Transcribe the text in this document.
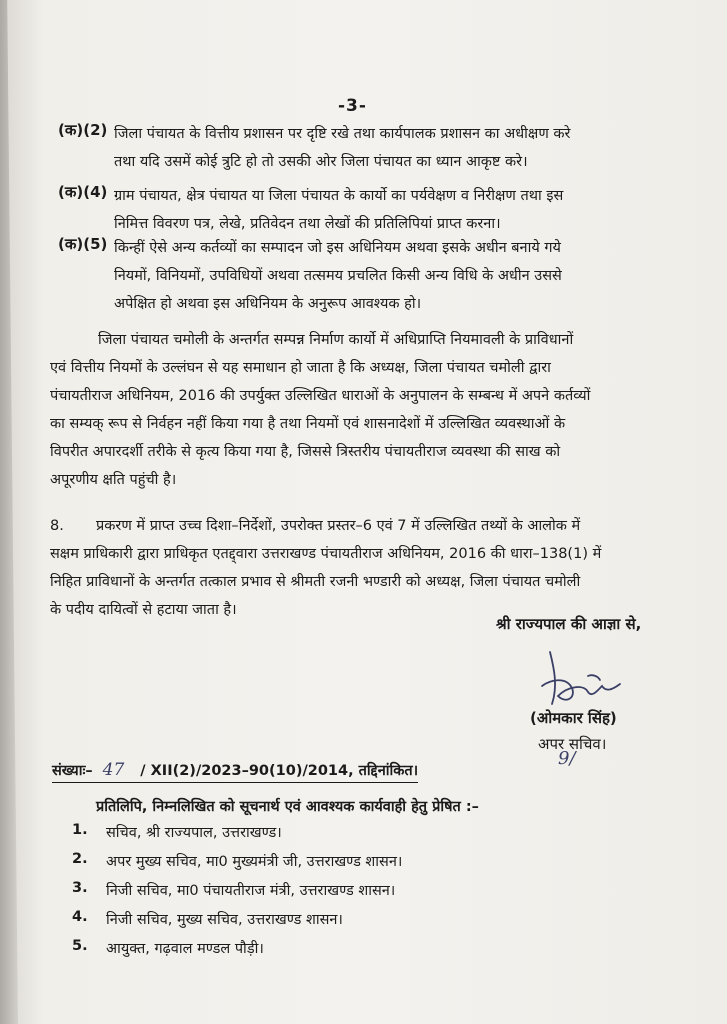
-3-
(क)(2) जिला पंचायत के वित्तीय प्रशासन पर दृष्टि रखे तथा कार्यपालक प्रशासन का अधीक्षण करे
तथा यदि उसमें कोई त्रुटि हो तो उसकी ओर जिला पंचायत का ध्यान आकृष्ट करे।
(क)(4) ग्राम पंचायत, क्षेत्र पंचायत या जिला पंचायत के कार्यो का पर्यवेक्षण व निरीक्षण तथा इस
निमित्त विवरण पत्र, लेखे, प्रतिवेदन तथा लेखों की प्रतिलिपियां प्राप्त करना।
(क)(5) किन्हीं ऐसे अन्य कर्तव्यों का सम्पादन जो इस अधिनियम अथवा इसके अधीन बनाये गये
नियमों, विनियमों, उपविधियों अथवा तत्समय प्रचलित किसी अन्य विधि के अधीन उससे
अपेक्षित हो अथवा इस अधिनियम के अनुरूप आवश्यक हो।
जिला पंचायत चमोली के अन्तर्गत सम्पन्न निर्माण कार्यो में अधिप्राप्ति नियमावली के प्राविधानों
एवं वित्तीय नियमों के उल्लंघन से यह समाधान हो जाता है कि अध्यक्ष, जिला पंचायत चमोली द्वारा
पंचायतीराज अधिनियम, 2016 की उपर्युक्त उल्लिखित धाराओं के अनुपालन के सम्बन्ध में अपने कर्तव्यों
का सम्यक् रूप से निर्वहन नहीं किया गया है तथा नियमों एवं शासनादेशों में उल्लिखित व्यवस्थाओं के
विपरीत अपारदर्शी तरीके से कृत्य किया गया है, जिससे त्रिस्तरीय पंचायतीराज व्यवस्था की साख को
अपूरणीय क्षति पहुंची है।
8. प्रकरण में प्राप्त उच्च दिशा–निर्देशों, उपरोक्त प्रस्तर–6 एवं 7 में उल्लिखित तथ्यों के आलोक में
सक्षम प्राधिकारी द्वारा प्राधिकृत एतद्द्वारा उत्तराखण्ड पंचायतीराज अधिनियम, 2016 की धारा–138(1) में
निहित प्राविधानों के अन्तर्गत तत्काल प्रभाव से श्रीमती रजनी भण्डारी को अध्यक्ष, जिला पंचायत चमोली
के पदीय दायित्वों से हटाया जाता है।
श्री राज्यपाल की आज्ञा से,
(ओमकार सिंह)
अपर सचिव।
संख्याः– 47 / XII(2)/2023–90(10)/2014, तद्दिनांकित।
9/
प्रतिलिपि, निम्नलिखित को सूचनार्थ एवं आवश्यक कार्यवाही हेतु प्रेषित :–
1. सचिव, श्री राज्यपाल, उत्तराखण्ड।
2. अपर मुख्य सचिव, मा0 मुख्यमंत्री जी, उत्तराखण्ड शासन।
3. निजी सचिव, मा0 पंचायतीराज मंत्री, उत्तराखण्ड शासन।
4. निजी सचिव, मुख्य सचिव, उत्तराखण्ड शासन।
5. आयुक्त, गढ़वाल मण्डल पौड़ी।
